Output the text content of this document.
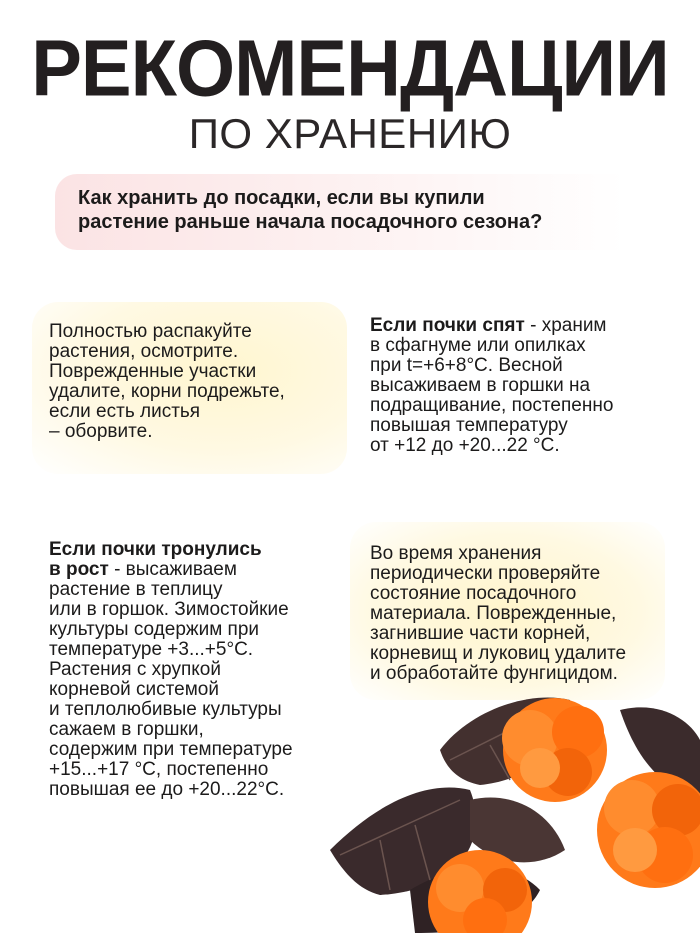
РЕКОМЕНДАЦИИ
ПО ХРАНЕНИЮ
Как хранить до посадки, если вы купили
растение раньше начала посадочного сезона?
Полностью распакуйте
растения, осмотрите.
Поврежденные участки
удалите, корни подрежьте,
если есть листья
– оборвите.
Если почки спят - храним
в сфагнуме или опилках
при t=+6+8°C. Весной
высаживаем в горшки на
подращивание, постепенно
повышая температуру
от +12 до +20...22 °С.
Если почки тронулись
в рост - высаживаем
растение в теплицу
или в горшок. Зимостойкие
культуры содержим при
температуре +3...+5°С.
Растения с хрупкой
корневой системой
и теплолюбивые культуры
сажаем в горшки,
содержим при температуре
+15...+17 °С, постепенно
повышая ее до +20...22°С.
Во время хранения
периодически проверяйте
состояние посадочного
материала. Поврежденные,
загнившие части корней,
корневищ и луковиц удалите
и обработайте фунгицидом.
